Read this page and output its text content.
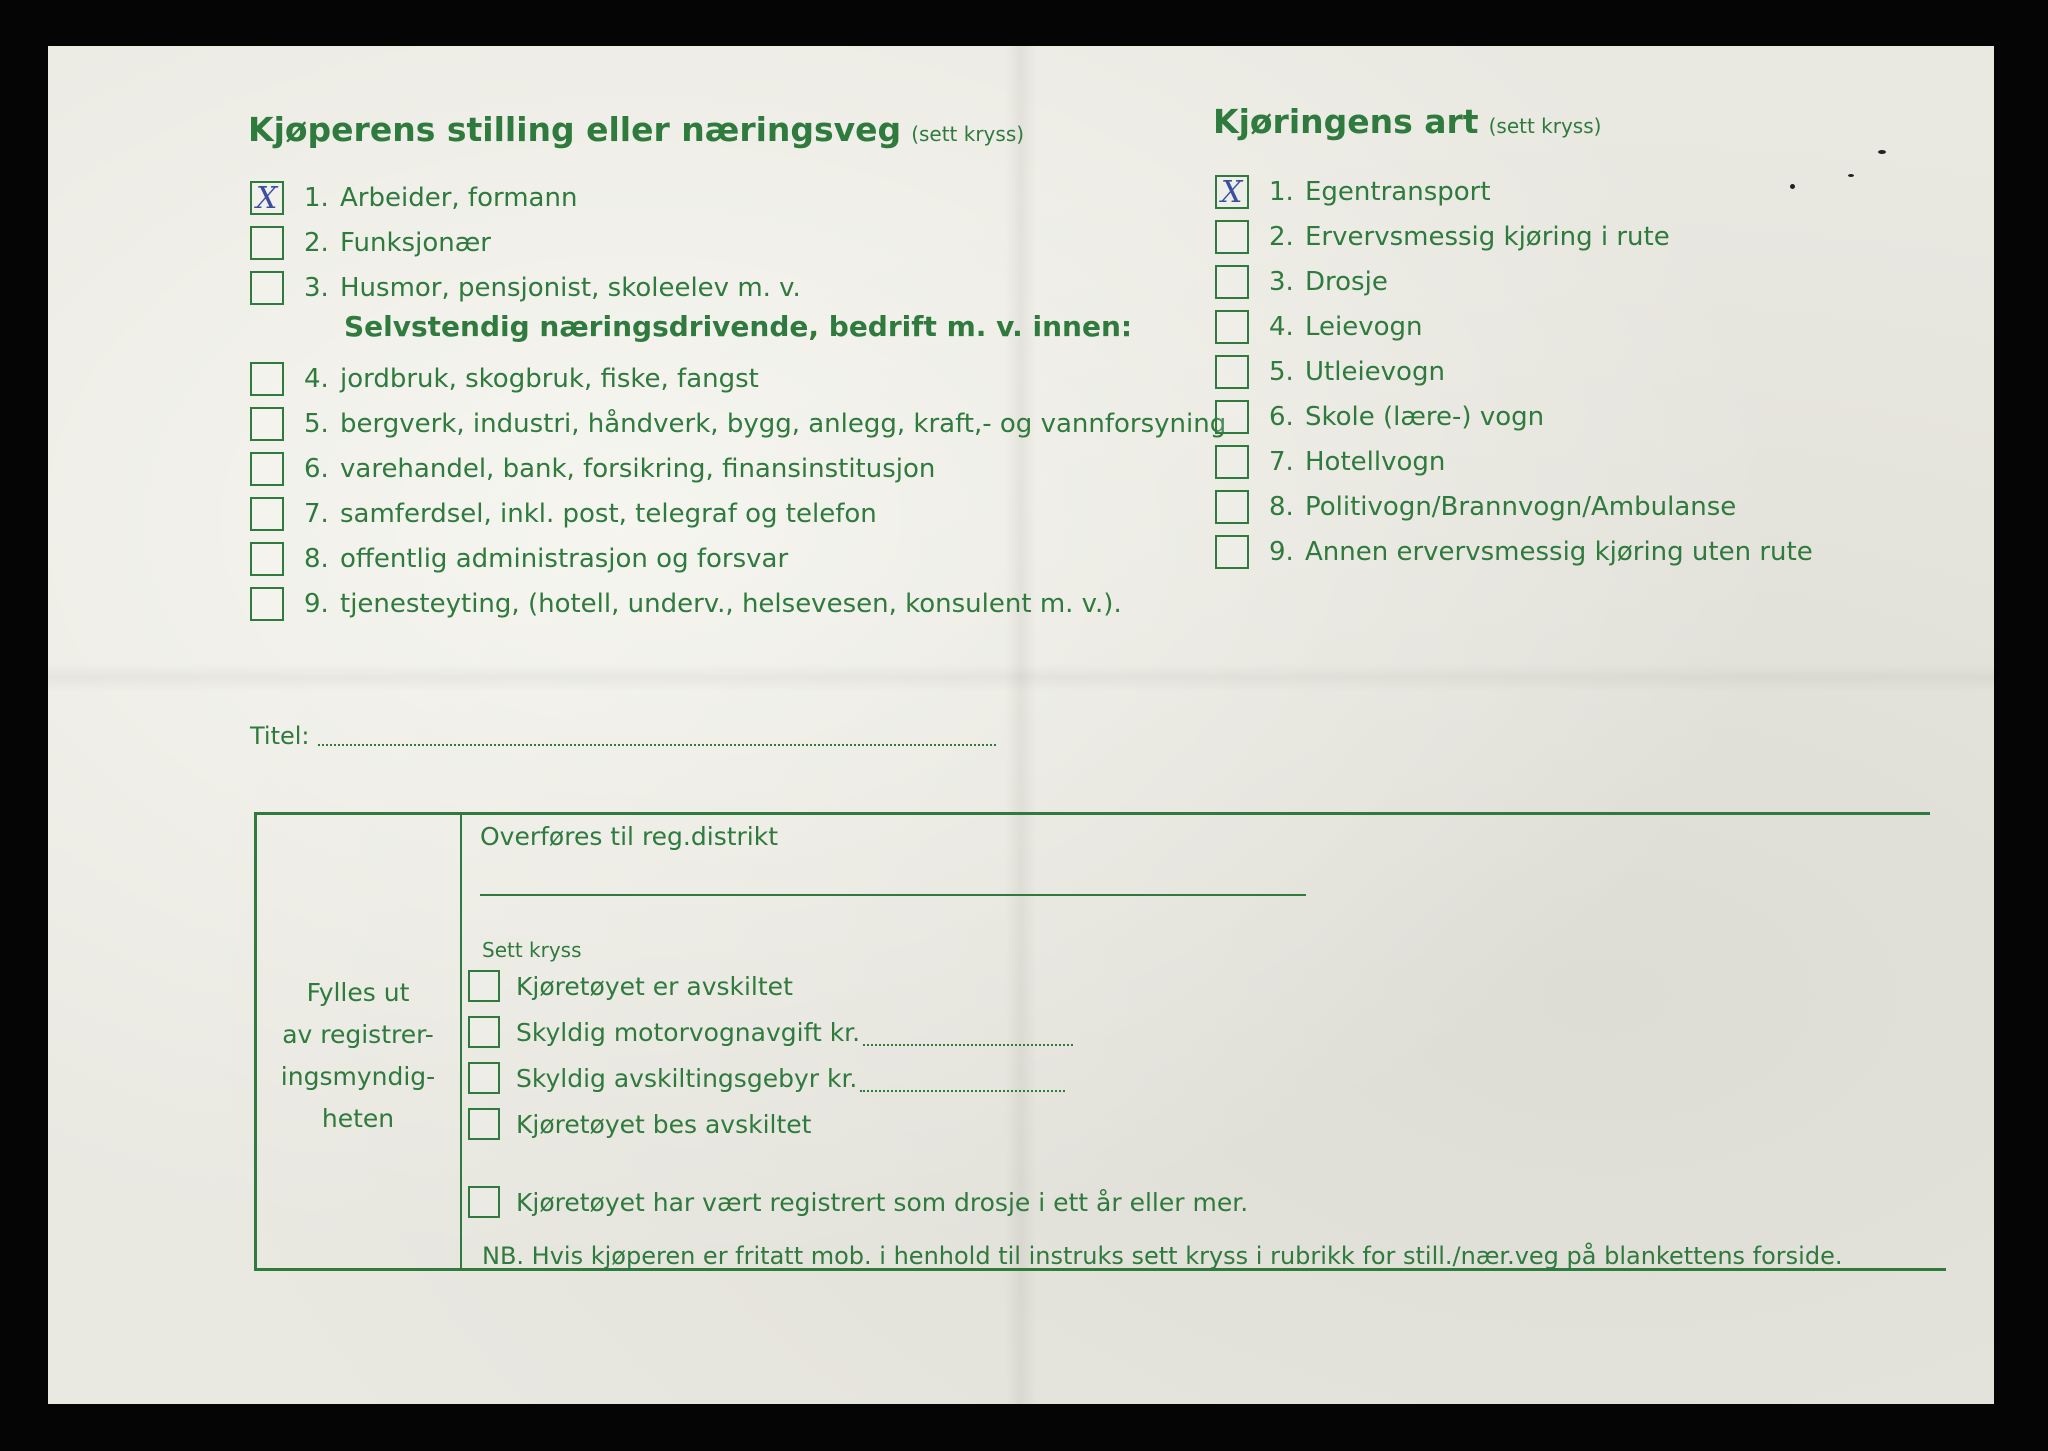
Kjøperens stilling eller næringsveg (sett kryss)
X 1. Arbeider, formann
2. Funksjonær
3. Husmor, pensjonist, skoleelev m. v.
Selvstendig næringsdrivende, bedrift m. v. innen:
4. jordbruk, skogbruk, fiske, fangst
5. bergverk, industri, håndverk, bygg, anlegg, kraft,- og vannforsyning
6. varehandel, bank, forsikring, finansinstitusjon
7. samferdsel, inkl. post, telegraf og telefon
8. offentlig administrasjon og forsvar
9. tjenesteyting, (hotell, underv., helsevesen, konsulent m. v.).
Titel:
Kjøringens art (sett kryss)
X 1. Egentransport
2. Ervervsmessig kjøring i rute
3. Drosje
4. Leievogn
5. Utleievogn
6. Skole (lære-) vogn
7. Hotellvogn
8. Politivogn/Brannvogn/Ambulanse
9. Annen ervervsmessig kjøring uten rute
Overføres til reg.distrikt
Fylles ut
av registrer-
ingsmyndig-
heten
Sett kryss
Kjøretøyet er avskiltet
Skyldig motorvognavgift kr.
Skyldig avskiltingsgebyr kr.
Kjøretøyet bes avskiltet
Kjøretøyet har vært registrert som drosje i ett år eller mer.
NB. Hvis kjøperen er fritatt mob. i henhold til instruks sett kryss i rubrikk for still./nær.veg på blankettens forside.
